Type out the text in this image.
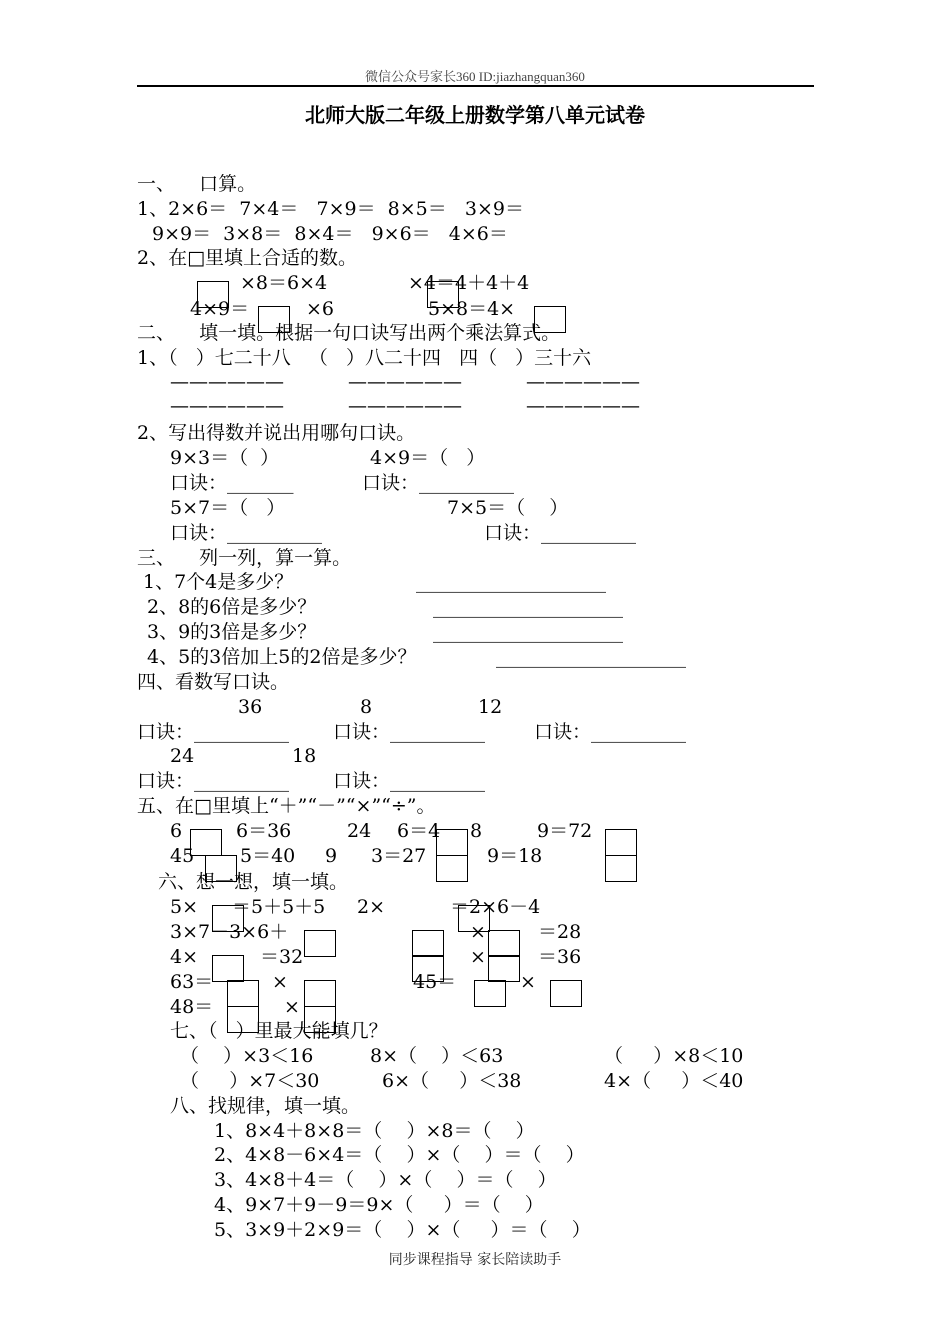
微信公众号家长360 ID:jiazhangquan360
北师大版二年级上册数学第八单元试卷
一、    口算。
1、2×6＝  7×4＝   7×9＝  8×5＝   3×9＝
9×9＝  3×8＝  8×4＝   9×6＝   4×6＝
2、在□里填上合适的数。
×8＝6×4	×4＝4＋4＋4
4×9＝	×6	5×8＝4×
二、    填一填。根据一句口诀写出两个乘法算式。
1、（   ）七二十八   （   ）八二十四   四（   ）三十六
——————	——————	——————
——————	——————	——————
2、写出得数并说出用哪句口诀。
9×3＝（  ）	4×9＝（   ）
口诀：_______	口诀：__________
5×7＝（   ）	7×5＝（    ）
口诀：__________	口诀：__________
三、    列一列，算一算。
1、7个4是多少？	____________________
2、8的6倍是多少？	____________________
3、9的3倍是多少？	____________________
4、5的3倍加上5的2倍是多少？	____________________
四、看数写口诀。
36	8	12
口诀：__________ 口诀：__________	口诀：__________
24	18
口诀：__________ 口诀：__________
五、在□里填上“＋”“－”“×”“÷”。
6	6＝36	24 6＝4 8	9＝72
45 5＝40 9 3＝27	9＝18
六、想一想，填一填。
5× ＝5＋5＋5 2×	＝2×6－4
3×7－3×6＋	×	＝28
4×	＝32	×	＝36
63＝	×	45＝	×
48＝	×
七、（   ）里最大能填几？
（    ）×3＜16	8×（    ）＜63	（     ）×8＜10
（     ）×7＜30	6×（     ）＜38	4×（     ）＜40
八、找规律，填一填。
1、8×4＋8×8＝（    ）×8＝（    ）
2、4×8－6×4＝（    ）×（    ）＝（    ）
3、4×8＋4＝（    ）×（    ）＝（    ）
4、9×7＋9－9＝9×（     ）＝（    ）
5、3×9＋2×9＝（    ）×（     ）＝（    ）
同步课程指导 家长陪读助手
